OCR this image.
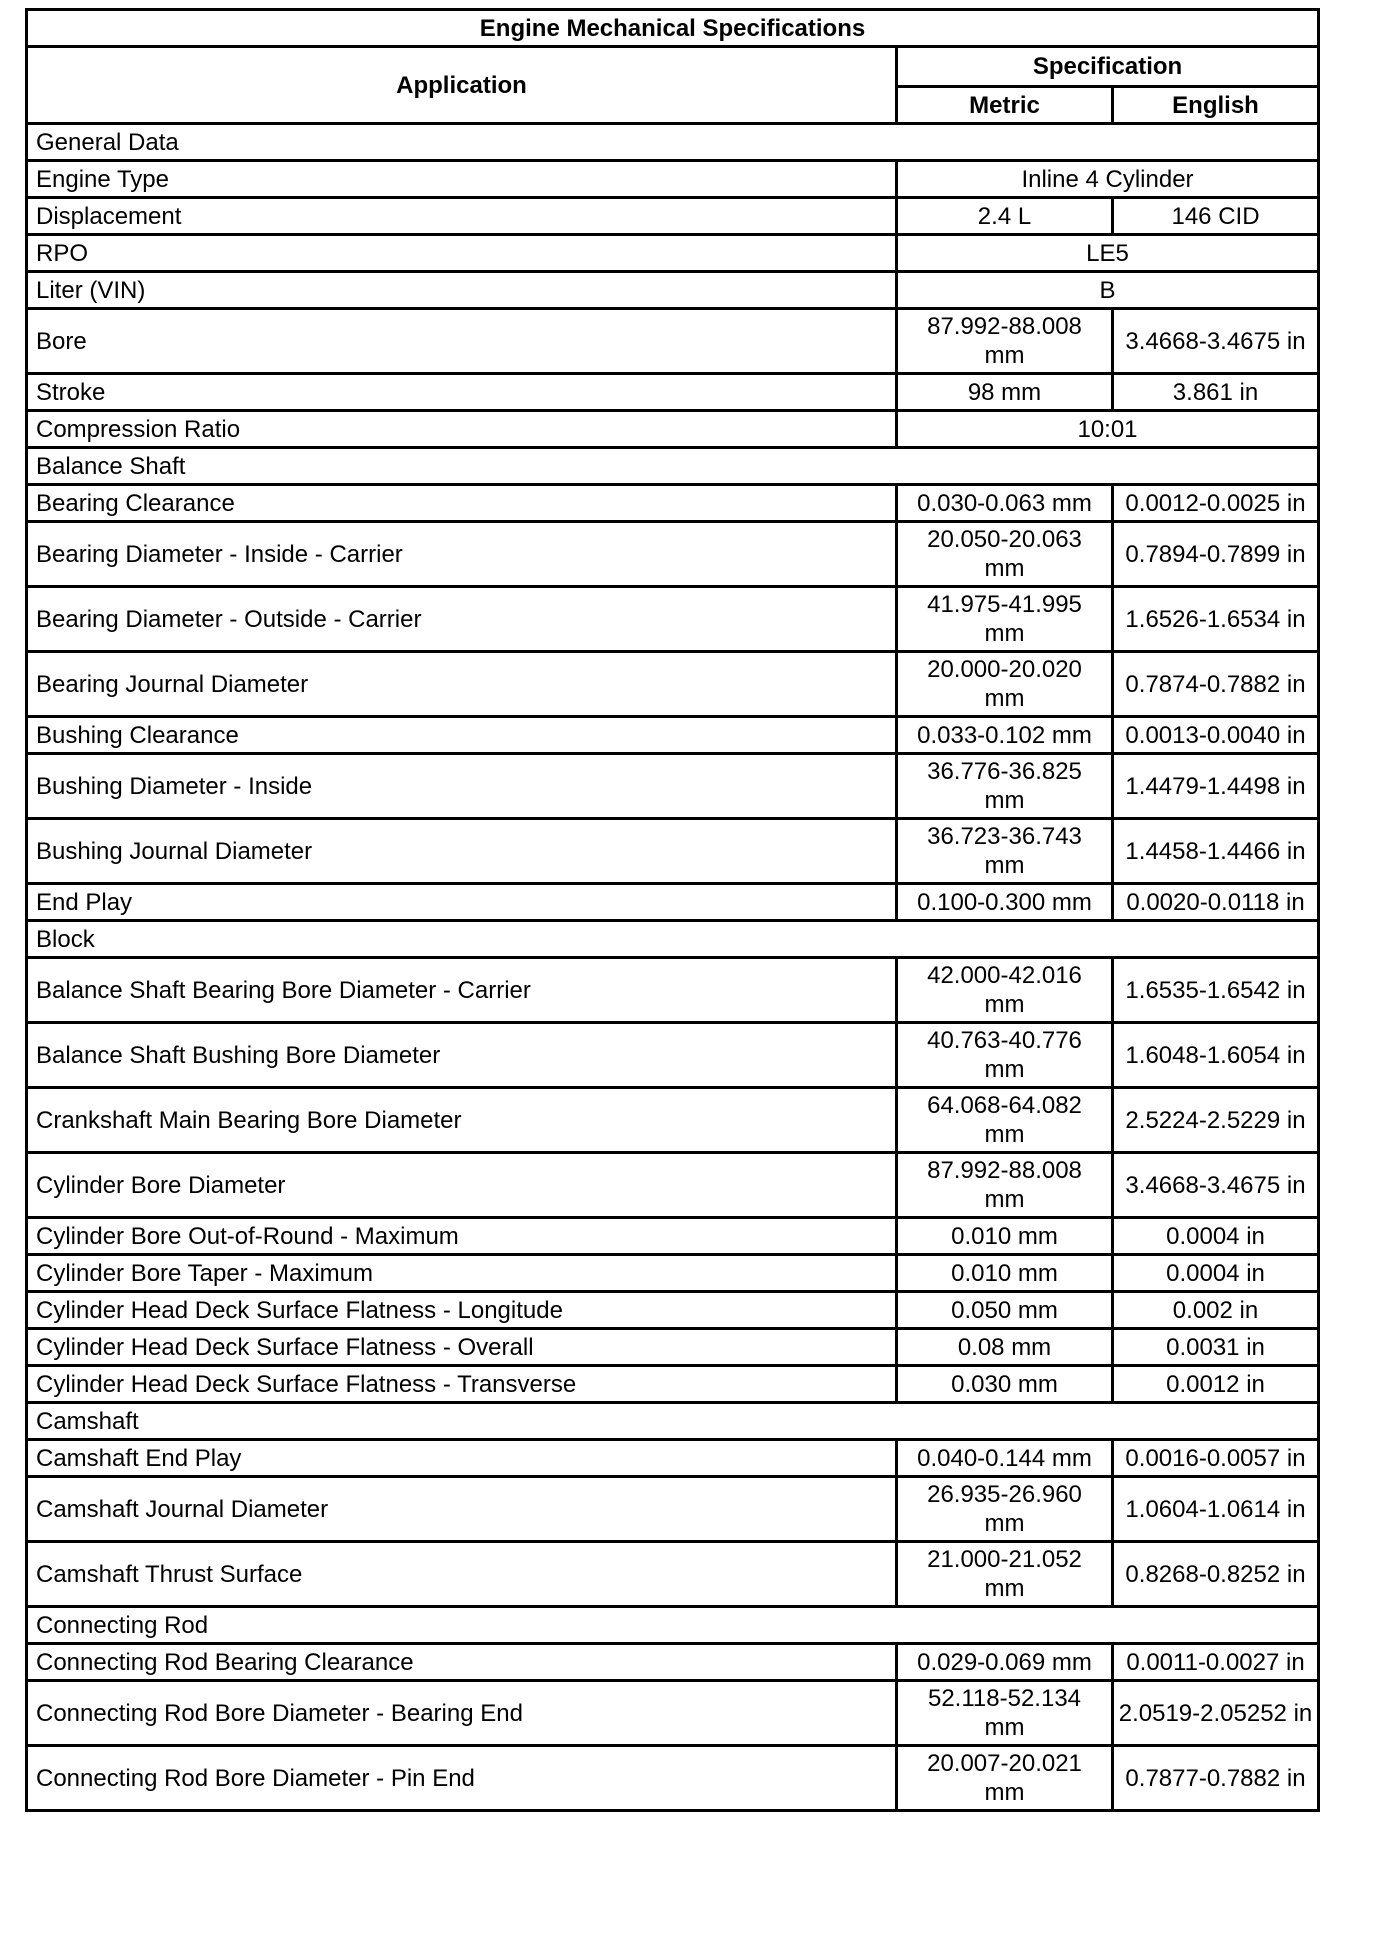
Engine Mechanical Specifications		
Application	Specification	
	Metric	English
General Data		
Engine Type	Inline 4 Cylinder	
Displacement	2.4 L	146 CID
RPO	LE5	
Liter (VIN)	B	
Bore	87.992-88.008 mm	3.4668-3.4675 in
Stroke	98 mm	3.861 in
Compression Ratio	10:01	
Balance Shaft		
Bearing Clearance	0.030-0.063 mm	0.0012-0.0025 in
Bearing Diameter - Inside - Carrier	20.050-20.063 mm	0.7894-0.7899 in
Bearing Diameter - Outside - Carrier	41.975-41.995 mm	1.6526-1.6534 in
Bearing Journal Diameter	20.000-20.020 mm	0.7874-0.7882 in
Bushing Clearance	0.033-0.102 mm	0.0013-0.0040 in
Bushing Diameter - Inside	36.776-36.825 mm	1.4479-1.4498 in
Bushing Journal Diameter	36.723-36.743 mm	1.4458-1.4466 in
End Play	0.100-0.300 mm	0.0020-0.0118 in
Block		
Balance Shaft Bearing Bore Diameter - Carrier	42.000-42.016 mm	1.6535-1.6542 in
Balance Shaft Bushing Bore Diameter	40.763-40.776 mm	1.6048-1.6054 in
Crankshaft Main Bearing Bore Diameter	64.068-64.082 mm	2.5224-2.5229 in
Cylinder Bore Diameter	87.992-88.008 mm	3.4668-3.4675 in
Cylinder Bore Out-of-Round - Maximum	0.010 mm	0.0004 in
Cylinder Bore Taper - Maximum	0.010 mm	0.0004 in
Cylinder Head Deck Surface Flatness - Longitude	0.050 mm	0.002 in
Cylinder Head Deck Surface Flatness - Overall	0.08 mm	0.0031 in
Cylinder Head Deck Surface Flatness - Transverse	0.030 mm	0.0012 in
Camshaft		
Camshaft End Play	0.040-0.144 mm	0.0016-0.0057 in
Camshaft Journal Diameter	26.935-26.960 mm	1.0604-1.0614 in
Camshaft Thrust Surface	21.000-21.052 mm	0.8268-0.8252 in
Connecting Rod		
Connecting Rod Bearing Clearance	0.029-0.069 mm	0.0011-0.0027 in
Connecting Rod Bore Diameter - Bearing End	52.118-52.134 mm	2.0519-2.05252 in
Connecting Rod Bore Diameter - Pin End	20.007-20.021 mm	0.7877-0.7882 in
